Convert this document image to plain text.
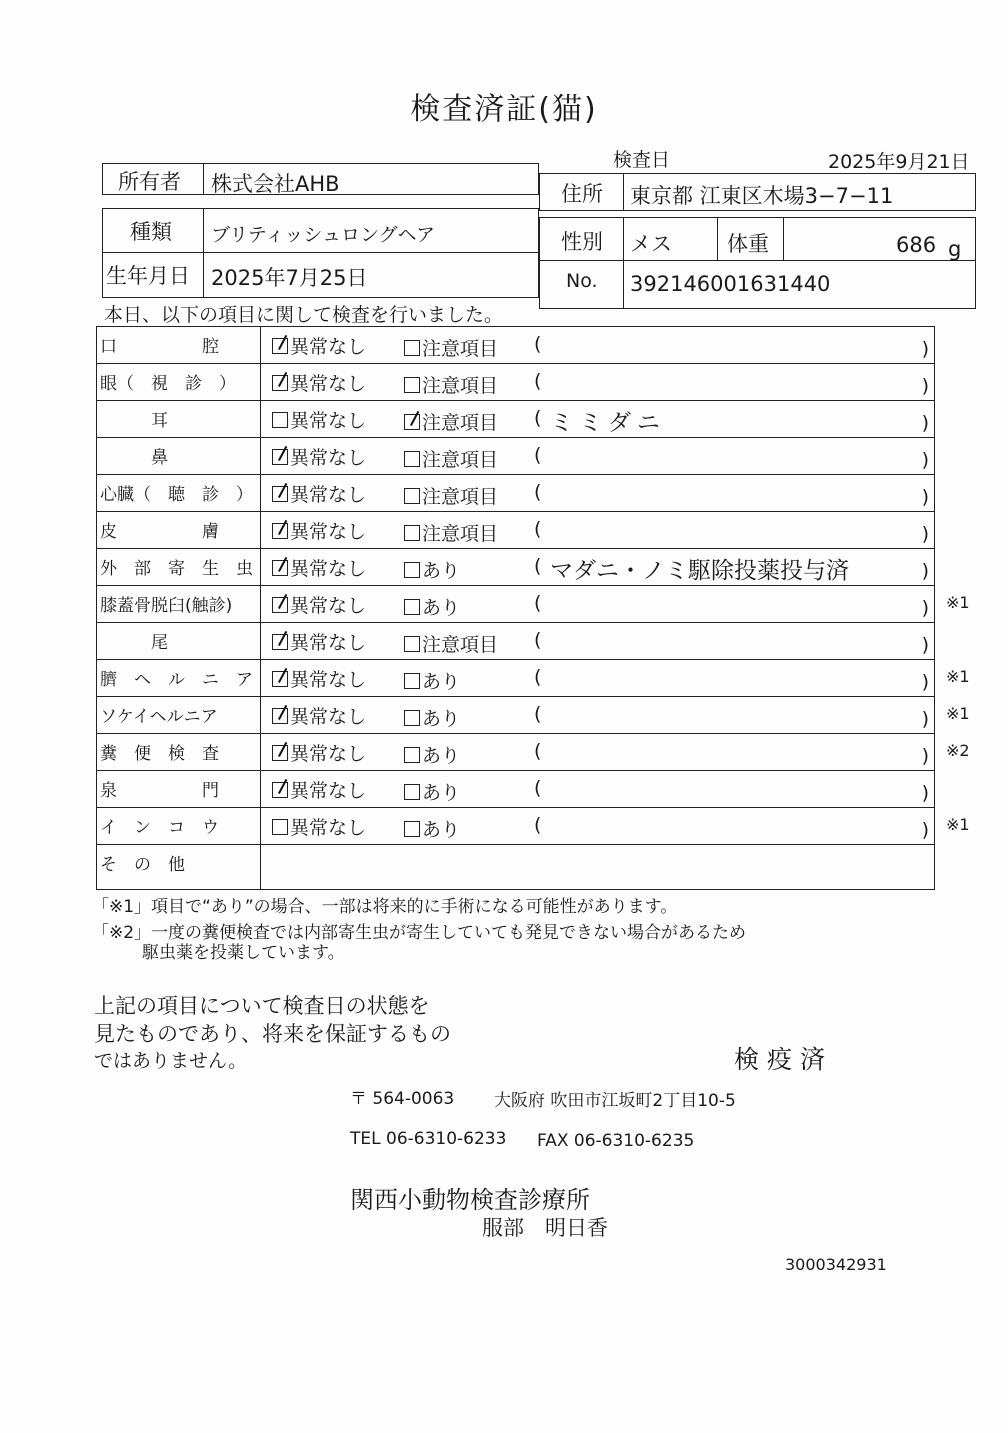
検査済証(猫)
検査日	2025年9月21日
所有者 株式会社AHB	住所 東京都 江東区木場3−7−11
種類 ブリティッシュロングヘア
生年月日 2025年7月25日
性別 メス	体重	686 g
No. 392146001631440
本日、以下の項目に関して検査を行いました。
口　　　　　腔	異常なし	注意項目 (	)
眼（　視　診　）	異常なし	注意項目 (	)
　　　耳	異常なし	注意項目 ( ミミダニ	)
　　　鼻	異常なし	注意項目 (	)
心臓（　聴　診　）	異常なし	注意項目 (	)
皮　　　　　膚	異常なし	注意項目 (	)
外　部　寄　生　虫	異常なし	あり	( マダニ・ノミ駆除投薬投与済	)
膝蓋骨脱臼(触診)	異常なし	あり	(	) ※1
　　　尾	異常なし	注意項目 (	)
臍　ヘ　ル　ニ　ア	異常なし	あり	(	) ※1
ソケイヘルニア	異常なし	あり	(	) ※1
糞　便　検　査	異常なし	あり	(	) ※2
泉　　　　　門	異常なし	あり	(	)
イ　ン　コ　ウ	異常なし	あり	(	) ※1
そ　の　他
「※1」項目で“あり”の場合、一部は将来的に手術になる可能性があります。
「※2」一度の糞便検査では内部寄生虫が寄生していても発見できない場合があるため
駆虫薬を投薬しています。
上記の項目について検査日の状態を
見たものであり、将来を保証するもの
ではありません。	検疫済
〒 564-0063 大阪府 吹田市江坂町2丁目10-5
TEL 06-6310-6233 FAX 06-6310-6235
関西小動物検査診療所
服部　明日香
3000342931
